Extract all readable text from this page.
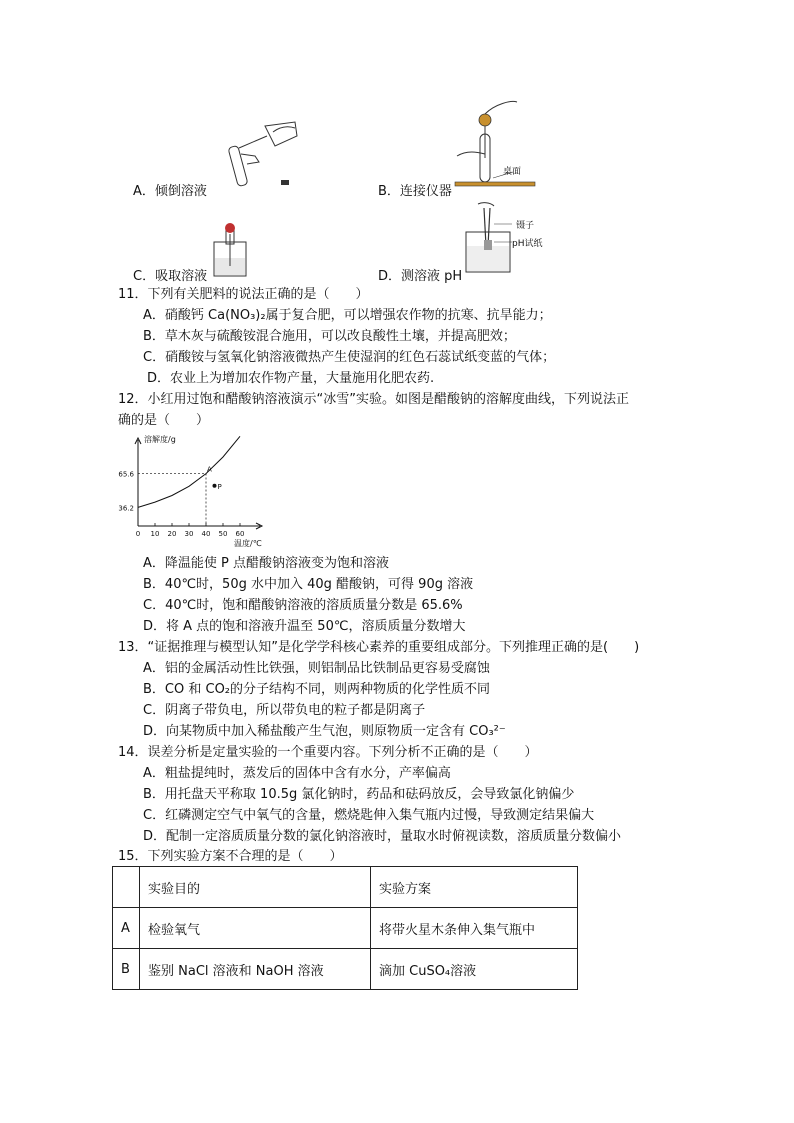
桌面
镊子
pH试纸
A．倾倒溶液	B．连接仪器
C．吸取溶液	D．测溶液 pH
11．下列有关肥料的说法正确的是（　　）
A．硝酸钙 Ca(NO₃)₂属于复合肥，可以增强农作物的抗寒、抗旱能力；
B．草木灰与硫酸铵混合施用，可以改良酸性土壤，并提高肥效；
C．硝酸铵与氢氧化钠溶液微热产生使湿润的红色石蕊试纸变蓝的气体；
D．农业上为增加农作物产量，大量施用化肥农药.
12．小红用过饱和醋酸钠溶液演示“冰雪”实验。如图是醋酸钠的溶解度曲线，下列说法正
确的是（　　）
溶解度/g
温度/℃
0 10 20 30 40 50 60
36.2
65.6
A
P
A．降温能使 P 点醋酸钠溶液变为饱和溶液
B．40℃时，50g 水中加入 40g 醋酸钠，可得 90g 溶液
C．40℃时，饱和醋酸钠溶液的溶质质量分数是 65.6%
D．将 A 点的饱和溶液升温至 50℃，溶质质量分数增大
13．“证据推理与模型认知”是化学学科核心素养的重要组成部分。下列推理正确的是(　　)
A．铝的金属活动性比铁强，则铝制品比铁制品更容易受腐蚀
B．CO 和 CO₂的分子结构不同，则两种物质的化学性质不同
C．阴离子带负电，所以带负电的粒子都是阴离子
D．向某物质中加入稀盐酸产生气泡，则原物质一定含有 CO₃²⁻
14．误差分析是定量实验的一个重要内容。下列分析不正确的是（　　）
A．粗盐提纯时，蒸发后的固体中含有水分，产率偏高
B．用托盘天平称取 10.5g 氯化钠时，药品和砝码放反，会导致氯化钠偏少
C．红磷测定空气中氧气的含量，燃烧匙伸入集气瓶内过慢，导致测定结果偏大
D．配制一定溶质质量分数的氯化钠溶液时，量取水时俯视读数，溶质质量分数偏小
15．下列实验方案不合理的是（　　）
	实验目的	实验方案
A	检验氧气	将带火星木条伸入集气瓶中
B	鉴别 NaCl 溶液和 NaOH 溶液	滴加 CuSO₄溶液
